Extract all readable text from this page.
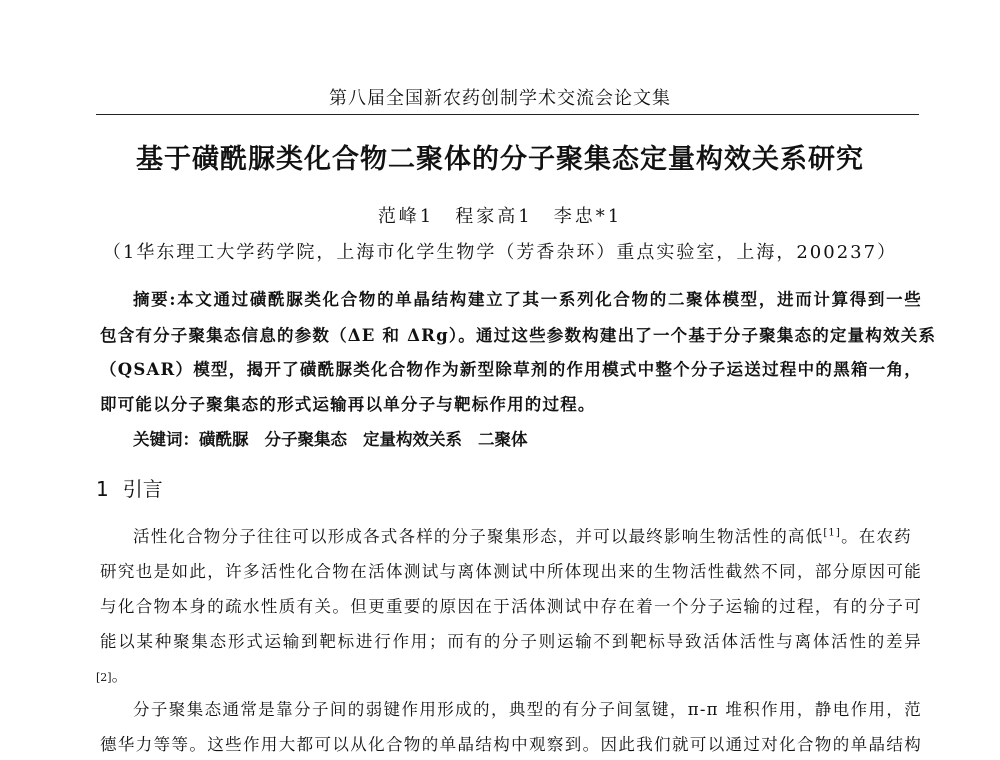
第八届全国新农药创制学术交流会论文集
基于磺酰脲类化合物二聚体的分子聚集态定量构效关系研究
范峰1　程家高1　李忠*1
（1华东理工大学药学院，上海市化学生物学（芳香杂环）重点实验室，上海，200237）
摘要:本文通过磺酰脲类化合物的单晶结构建立了其一系列化合物的二聚体模型，进而计算得到一些
包含有分子聚集态信息的参数（ΔE 和 ΔRg）。通过这些参数构建出了一个基于分子聚集态的定量构效关系
（QSAR）模型，揭开了磺酰脲类化合物作为新型除草剂的作用模式中整个分子运送过程中的黑箱一角，
即可能以分子聚集态的形式运输再以单分子与靶标作用的过程。
关键词：磺酰脲 分子聚集态 定量构效关系 二聚体
1 引言
活性化合物分子往往可以形成各式各样的分子聚集形态，并可以最终影响生物活性的高低[1]。在农药
研究也是如此，许多活性化合物在活体测试与离体测试中所体现出来的生物活性截然不同，部分原因可能
与化合物本身的疏水性质有关。但更重要的原因在于活体测试中存在着一个分子运输的过程，有的分子可
能以某种聚集态形式运输到靶标进行作用；而有的分子则运输不到靶标导致活体活性与离体活性的差异
[2]。
分子聚集态通常是靠分子间的弱键作用形成的，典型的有分子间氢键，π-π 堆积作用，静电作用，范
德华力等等。这些作用大都可以从化合物的单晶结构中观察到。因此我们就可以通过对化合物的单晶结构
